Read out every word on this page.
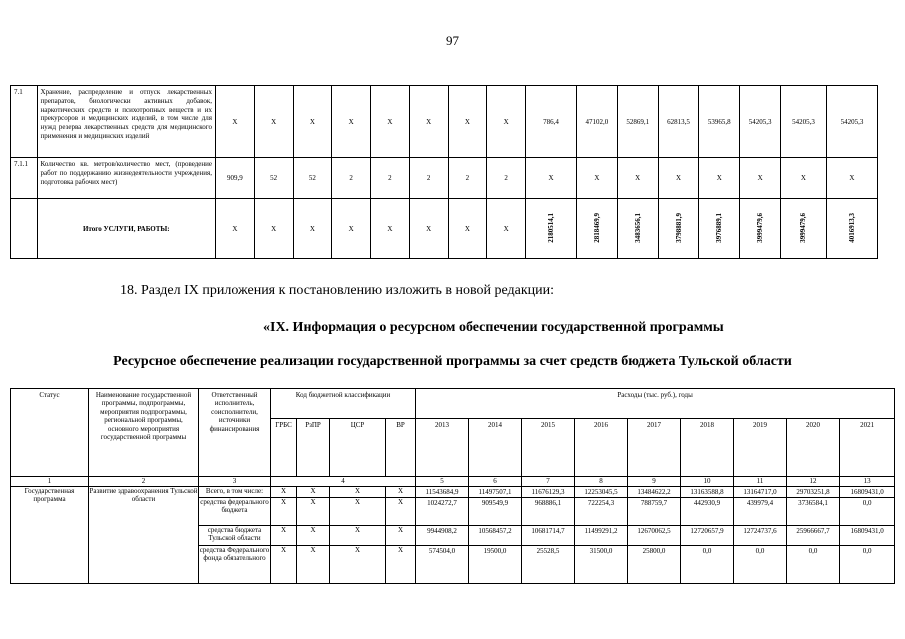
97
7.1	Хранение, распределение и отпуск лекарственных препаратов, биологически активных добавок, наркотических средств и психотропных веществ и их прекурсоров и медицинских изделий, в том числе для нужд резерва лекарственных средств для медицинского применения и медицинских изделий	Х	Х	Х	Х	Х	Х	Х	Х	786,4	47102,0	52869,1	62813,5	53965,8	54205,3	54205,3	54205,3
7.1.1	Количество кв. метров/количество мест, (проведение работ по поддержанию жизнедеятельности учреждения, подготовка рабочих мест)	909,9	52	52	2	2	2	2	2	Х	Х	Х	Х	Х	Х	Х	Х
	Итого УСЛУГИ, РАБОТЫ:	Х	Х	Х	Х	Х	Х	Х	Х	2180514,1	2818469,9	3483656,1	3798881,9	3976889,1	3999479,6	3999479,6	4016913,3
18. Раздел IX приложения к постановлению изложить в новой редакции:
«IX. Информация о ресурсном обеспечении государственной программы
Ресурсное обеспечение реализации государственной программы за счет средств бюджета Тульской области
Статус	Наименование государственной программы, подпрограммы, мероприятия подпрограммы, региональной программы, основного мероприятия государственной программы	Ответственный исполнитель, соисполнители, источники финансирования	Код бюджетной классификации				Расходы (тыс. руб.), годы								
			ГРБС	РзПР	ЦСР	ВР	2013	2014	2015	2016	2017	2018	2019	2020	2021
1	2	3	4				5	6	7	8	9	10	11	12	13
Государственная программа	Развитие здравоохранения Тульской области	Всего, в том числе:	Х	Х	Х	Х	11543684,9	11497507,1	11676129,3	12253045,5	13484622,2	13163588,8	13164717,0	29703251,8	16809431,0
		средства федерального бюджета	Х	Х	Х	Х	1024272,7	909549,9	968886,1	722254,3	788759,7	442930,9	439979,4	3736584,1	0,0
		средства бюджета Тульской области	Х	Х	Х	Х	9944908,2	10568457,2	10681714,7	11499291,2	12670062,5	12720657,9	12724737,6	25966667,7	16809431,0
		средства Федерального фонда обязательного	Х	Х	Х	Х	574504,0	19500,0	25528,5	31500,0	25800,0	0,0	0,0	0,0	0,0
